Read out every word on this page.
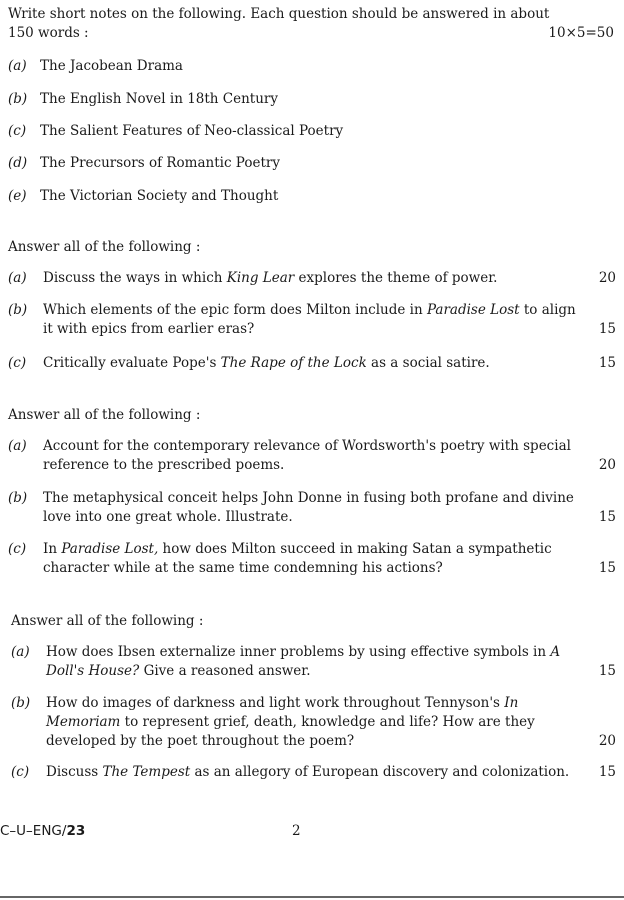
Write short notes on the following. Each question should be answered in about
150 words :	10×5=50
(a) The Jacobean Drama
(b) The English Novel in 18th Century
(c) The Salient Features of Neo-classical Poetry
(d) The Precursors of Romantic Poetry
(e) The Victorian Society and Thought
Answer all of the following :
(a) Discuss the ways in which King Lear explores the theme of power.	20
(b) Which elements of the epic form does Milton include in Paradise Lost to align it with epics from earlier eras?	15
(c) Critically evaluate Pope's The Rape of the Lock as a social satire.	15
Answer all of the following :
(a) Account for the contemporary relevance of Wordsworth's poetry with special reference to the prescribed poems.	20
(b) The metaphysical conceit helps John Donne in fusing both profane and divine love into one great whole. Illustrate.	15
(c) In Paradise Lost, how does Milton succeed in making Satan a sympathetic character while at the same time condemning his actions?	15
Answer all of the following :
(a) How does Ibsen externalize inner problems by using effective symbols in A Doll's House? Give a reasoned answer.	15
(b) How do images of darkness and light work throughout Tennyson's In Memoriam to represent grief, death, knowledge and life? How are they developed by the poet throughout the poem?	20
(c) Discuss The Tempest as an allegory of European discovery and colonization.	15
C–U–ENG/23	2
